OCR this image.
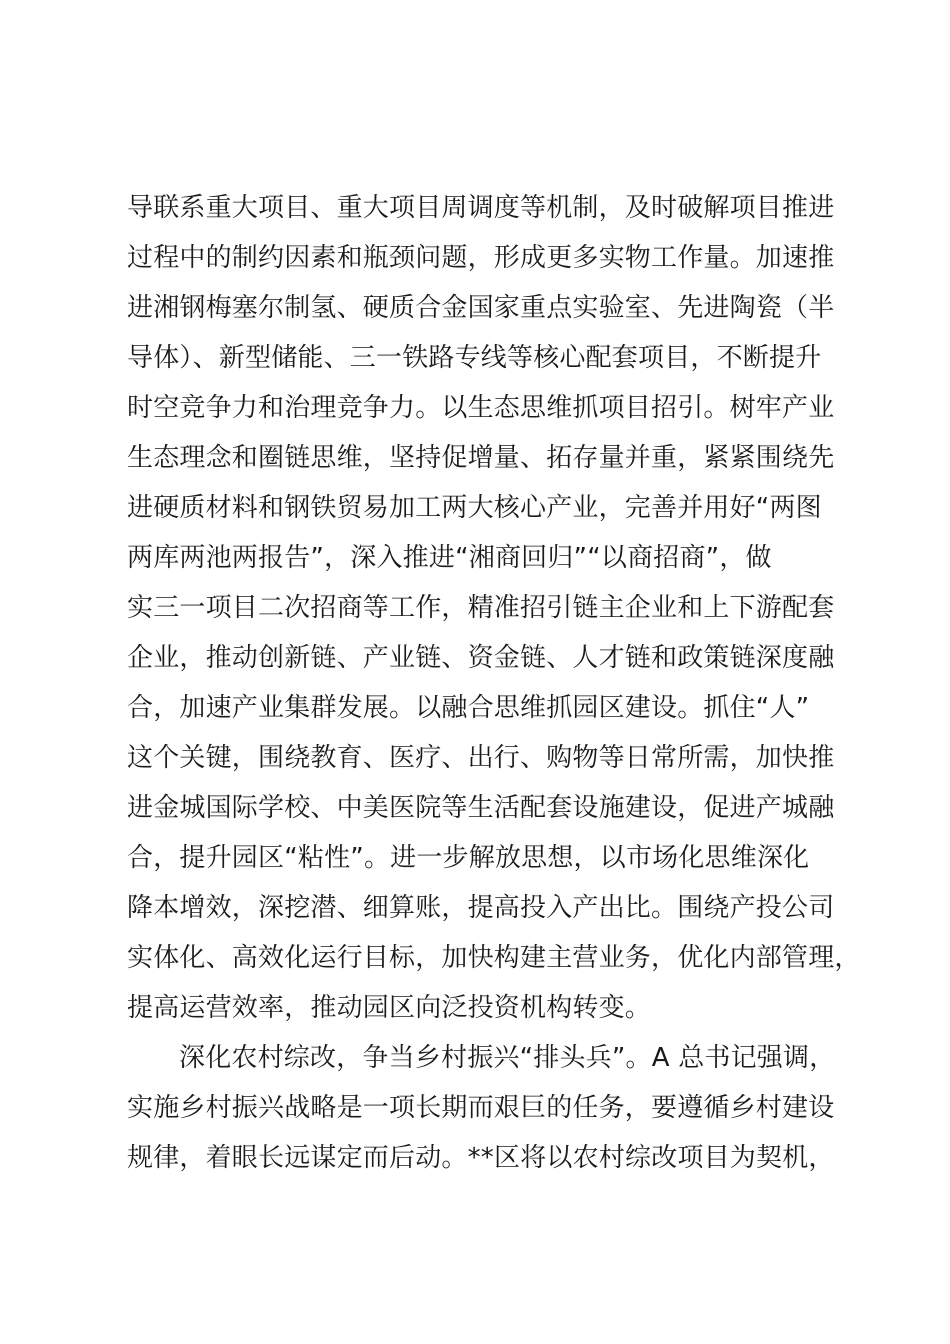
导联系重大项目、重大项目周调度等机制，及时破解项目推进
过程中的制约因素和瓶颈问题，形成更多实物工作量。加速推
进湘钢梅塞尔制氢、硬质合金国家重点实验室、先进陶瓷（半
导体）、新型储能、三一铁路专线等核心配套项目，不断提升
时空竞争力和治理竞争力。以生态思维抓项目招引。树牢产业
生态理念和圈链思维，坚持促增量、拓存量并重，紧紧围绕先
进硬质材料和钢铁贸易加工两大核心产业，完善并用好“两图
两库两池两报告”，深入推进“湘商回归”“以商招商”，做
实三一项目二次招商等工作，精准招引链主企业和上下游配套
企业，推动创新链、产业链、资金链、人才链和政策链深度融
合，加速产业集群发展。以融合思维抓园区建设。抓住“人”
这个关键，围绕教育、医疗、出行、购物等日常所需，加快推
进金城国际学校、中美医院等生活配套设施建设，促进产城融
合，提升园区“粘性”。进一步解放思想，以市场化思维深化
降本增效，深挖潜、细算账，提高投入产出比。围绕产投公司
实体化、高效化运行目标，加快构建主营业务，优化内部管理，
提高运营效率，推动园区向泛投资机构转变。
深化农村综改，争当乡村振兴“排头兵”。A 总书记强调，
实施乡村振兴战略是一项长期而艰巨的任务，要遵循乡村建设
规律，着眼长远谋定而后动。**区将以农村综改项目为契机，
